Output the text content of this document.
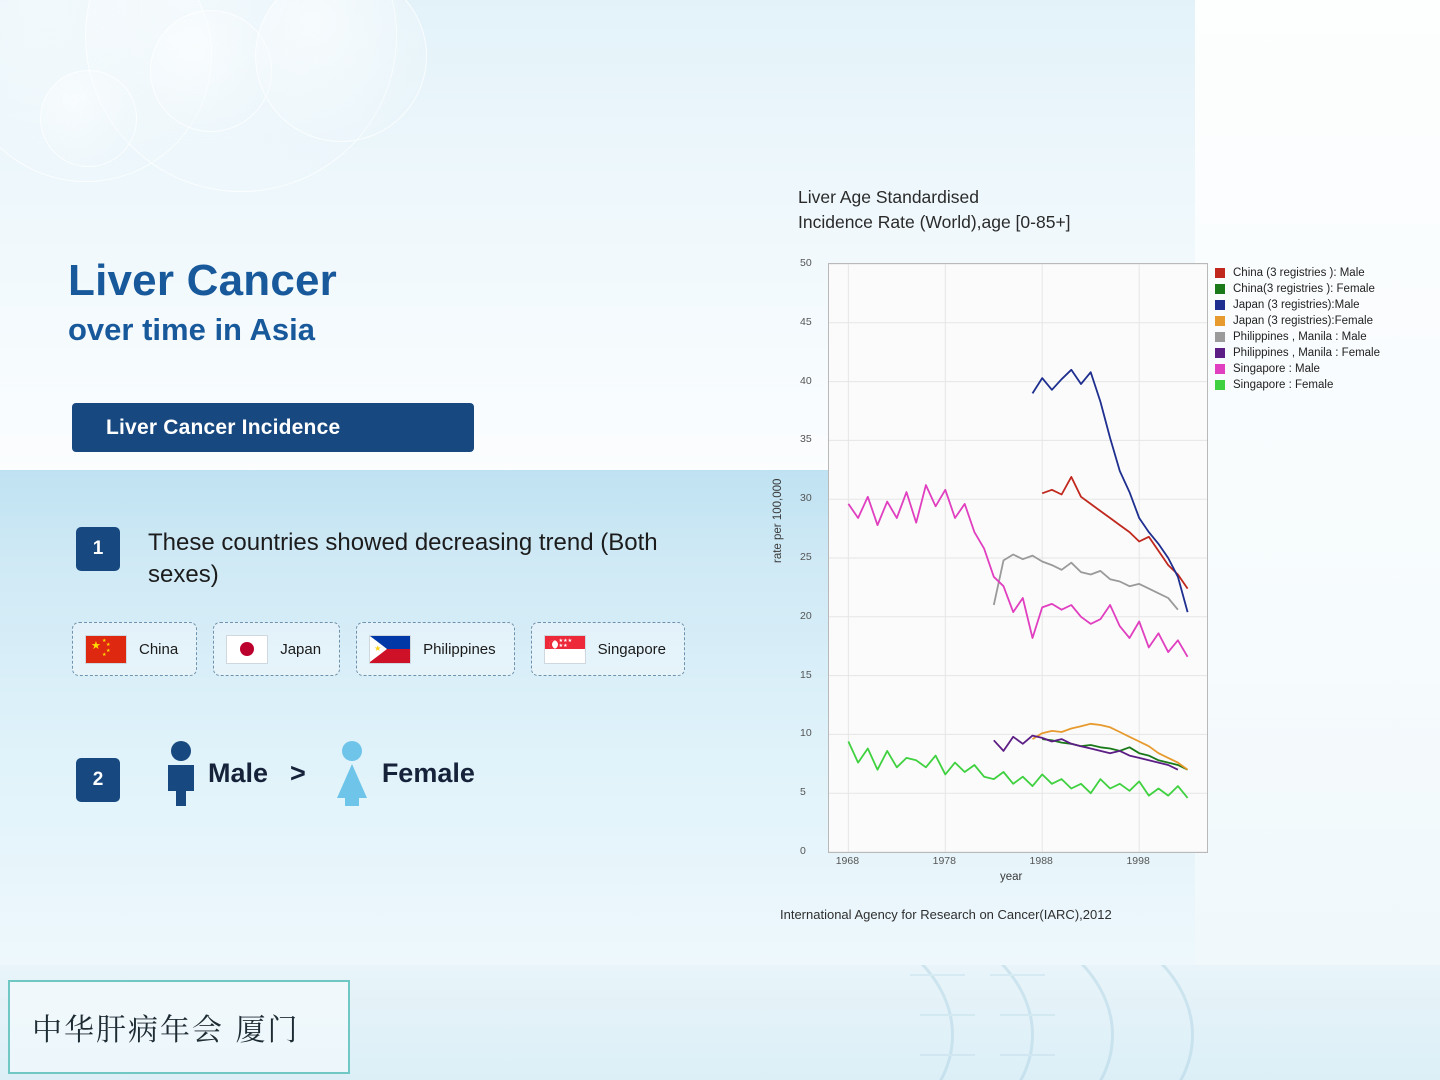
Liver Cancer
over time in Asia
Liver Cancer Incidence
1	These countries showed decreasing trend (Both sexes)
★ ★
★
★
★ China	Japan	★	Philippines	★★★
★★ Singapore
2	Male >	Female
中华肝病年会 厦门
Liver Age Standardised
Incidence Rate (World),age [0-85+]
rate per 100,000
year
0
5
10
15
20
25
30
35
40
45
50
1968	1978	1988	1998
China (3 registries ): Male
China(3 registries ): Female
Japan (3 registries):Male
Japan (3 registries):Female
Philippines , Manila : Male
Philippines , Manila : Female
Singapore : Male
Singapore : Female
International Agency for Research on Cancer(IARC),2012
